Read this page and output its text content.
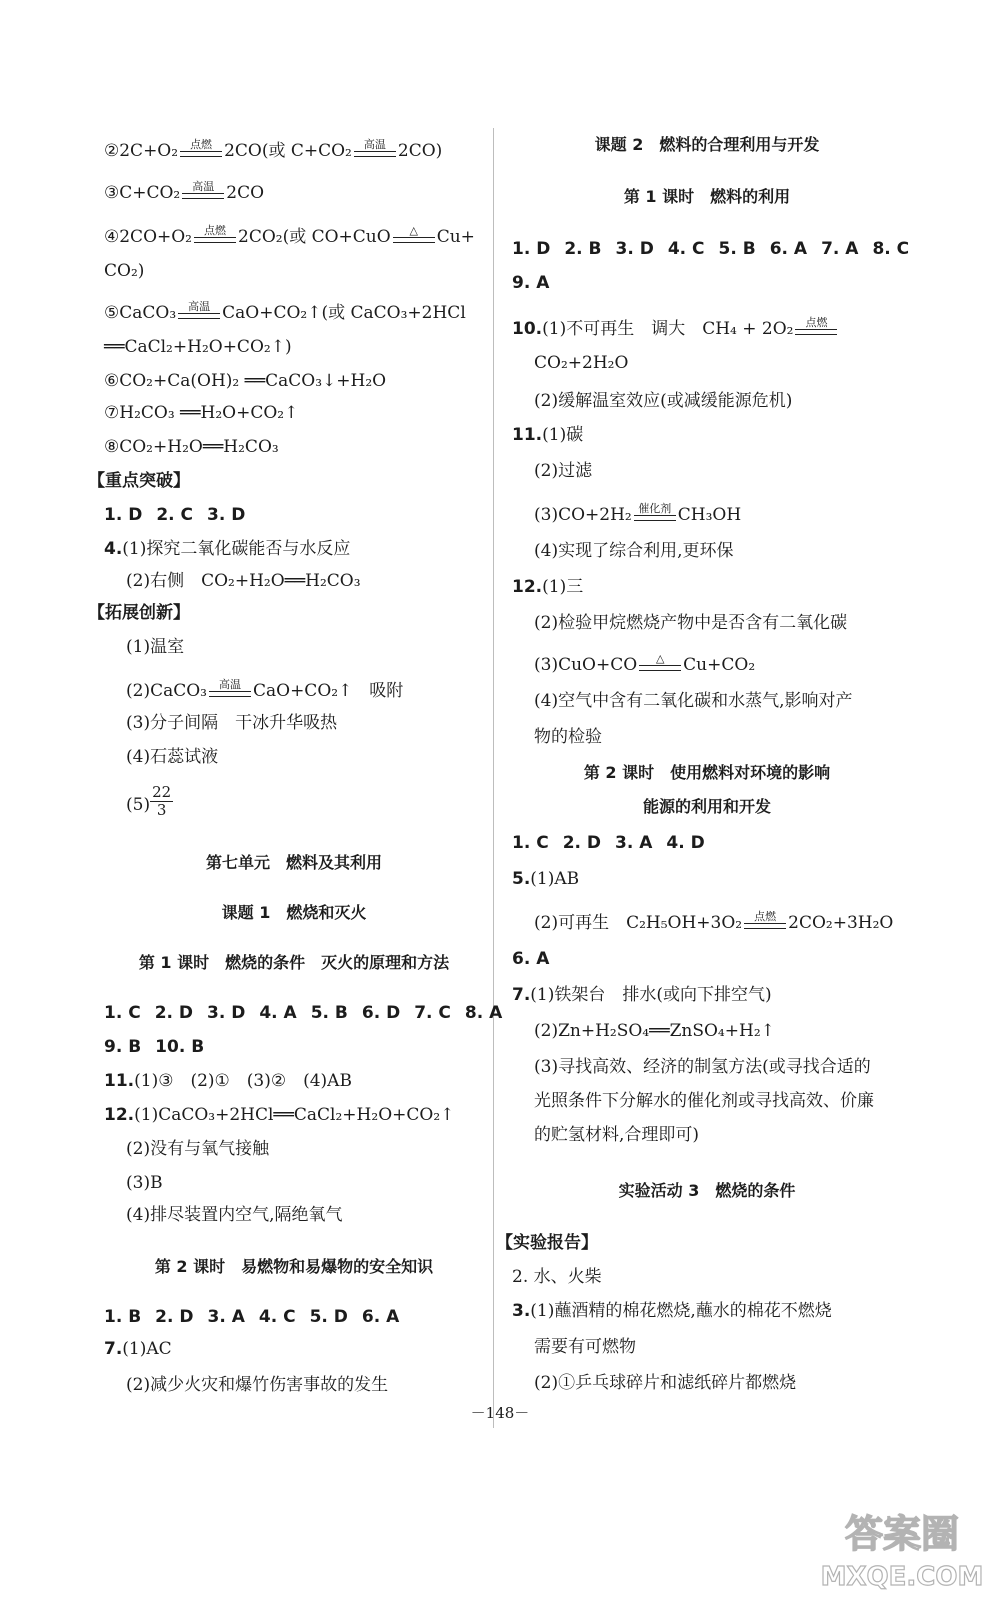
②2C+O₂	点燃 2CO(或 C+CO₂	高温 2CO)
③C+CO₂	高温 2CO
④2CO+O₂	点燃 2CO₂(或 CO+CuO	△	Cu+
CO₂)
⑤CaCO₃	高温 CaO+CO₂↑(或 CaCO₃+2HCl
══CaCl₂+H₂O+CO₂↑)
⑥CO₂+Ca(OH)₂ ══CaCO₃↓+H₂O
⑦H₂CO₃ ══H₂O+CO₂↑
⑧CO₂+H₂O══H₂CO₃
【重点突破】
1. D 2. C 3. D
4.(1)探究二氧化碳能否与水反应
(2)右侧　CO₂+H₂O══H₂CO₃
【拓展创新】
(1)温室
(2)CaCO₃	高温 CaO+CO₂↑　吸附
(3)分子间隔　干冰升华吸热
(4)石蕊试液
$(5) \frac{22}{3}$
第七单元　燃料及其利用
课题 1　燃烧和灭火
第 1 课时　燃烧的条件　灭火的原理和方法
1. C 2. D 3. D 4. A 5. B 6. D 7. C 8. A
9. B 10. B
11.(1)③　(2)①　(3)②　(4)AB
12.(1)CaCO₃+2HCl══CaCl₂+H₂O+CO₂↑
(2)没有与氧气接触
(3)B
(4)排尽装置内空气,隔绝氧气
第 2 课时　易燃物和易爆物的安全知识
1. B 2. D 3. A 4. C 5. D 6. A
7.(1)AC
(2)减少火灾和爆竹伤害事故的发生
课题 2　燃料的合理利用与开发
第 1 课时　燃料的利用
1. D 2. B 3. D 4. C 5. B 6. A 7. A 8. C
9. A
10.(1)不可再生　调大　CH₄ + 2O₂	点燃
CO₂+2H₂O
(2)缓解温室效应(或减缓能源危机)
11.(1)碳
(2)过滤
(3)CO+2H₂ 催化剂 CH₃OH
(4)实现了综合利用,更环保
12.(1)三
(2)检验甲烷燃烧产物中是否含有二氧化碳
(3)CuO+CO	△	Cu+CO₂
(4)空气中含有二氧化碳和水蒸气,影响对产
物的检验
第 2 课时　使用燃料对环境的影响
能源的利用和开发
1. C 2. D 3. A 4. D
5.(1)AB
(2)可再生　C₂H₅OH+3O₂	点燃 2CO₂+3H₂O
6. A
7.(1)铁架台　排水(或向下排空气)
(2)Zn+H₂SO₄══ZnSO₄+H₂↑
(3)寻找高效、经济的制氢方法(或寻找合适的
光照条件下分解水的催化剂或寻找高效、价廉
的贮氢材料,合理即可)
实验活动 3　燃烧的条件
【实验报告】
2. 水、火柴
3.(1)蘸酒精的棉花燃烧,蘸水的棉花不燃烧
需要有可燃物
(2)①乒乓球碎片和滤纸碎片都燃烧
－148－
答案圈
MXQE.COM
